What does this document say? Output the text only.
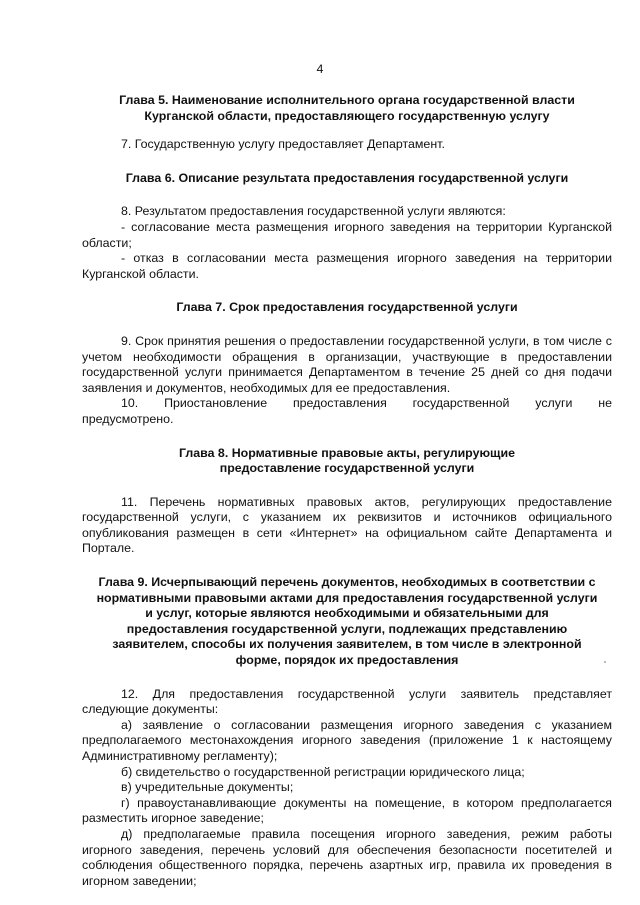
4
Глава 5. Наименование исполнительного органа государственной власти
Курганской области, предоставляющего государственную услугу

7. Государственную услугу предоставляет Департамент.

Глава 6. Описание результата предоставления государственной услуги

8. Результатом предоставления государственной услуги являются:

- согласование места размещения игорного заведения на территории Курганской области;

- отказ в согласовании места размещения игорного заведения на территории Курганской области.

Глава 7. Срок предоставления государственной услуги

9. Срок принятия решения о предоставлении государственной услуги, в том числе с учетом необходимости обращения в организации, участвующие в предоставлении государственной услуги принимается Департаментом в течение 25 дней со дня подачи заявления и документов, необходимых для ее предоставления.

10. Приостановление предоставления государственной услуги не

предусмотрено.

Глава 8. Нормативные правовые акты, регулирующие
предоставление государственной услуги

11. Перечень нормативных правовых актов, регулирующих предоставление государственной услуги, с указанием их реквизитов и источников официального опубликования размещен в сети «Интернет» на официальном сайте Департамента и Портале.

Глава 9. Исчерпывающий перечень документов, необходимых в соответствии с
нормативными правовыми актами для предоставления государственной услуги
и услуг, которые являются необходимыми и обязательными для
предоставления государственной услуги, подлежащих представлению
заявителем, способы их получения заявителем, в том числе в электронной
форме, порядок их предоставления

12. Для предоставления государственной услуги заявитель представляет следующие документы:

а) заявление о согласовании размещения игорного заведения с указанием предполагаемого местонахождения игорного заведения (приложение 1 к настоящему Административному регламенту);

б) свидетельство о государственной регистрации юридического лица;

в) учредительные документы;

г) правоустанавливающие документы на помещение, в котором предполагается разместить игорное заведение;

д) предполагаемые правила посещения игорного заведения, режим работы игорного заведения, перечень условий для обеспечения безопасности посетителей и соблюдения общественного порядка, перечень азартных игр, правила их проведения в игорном заведении;
